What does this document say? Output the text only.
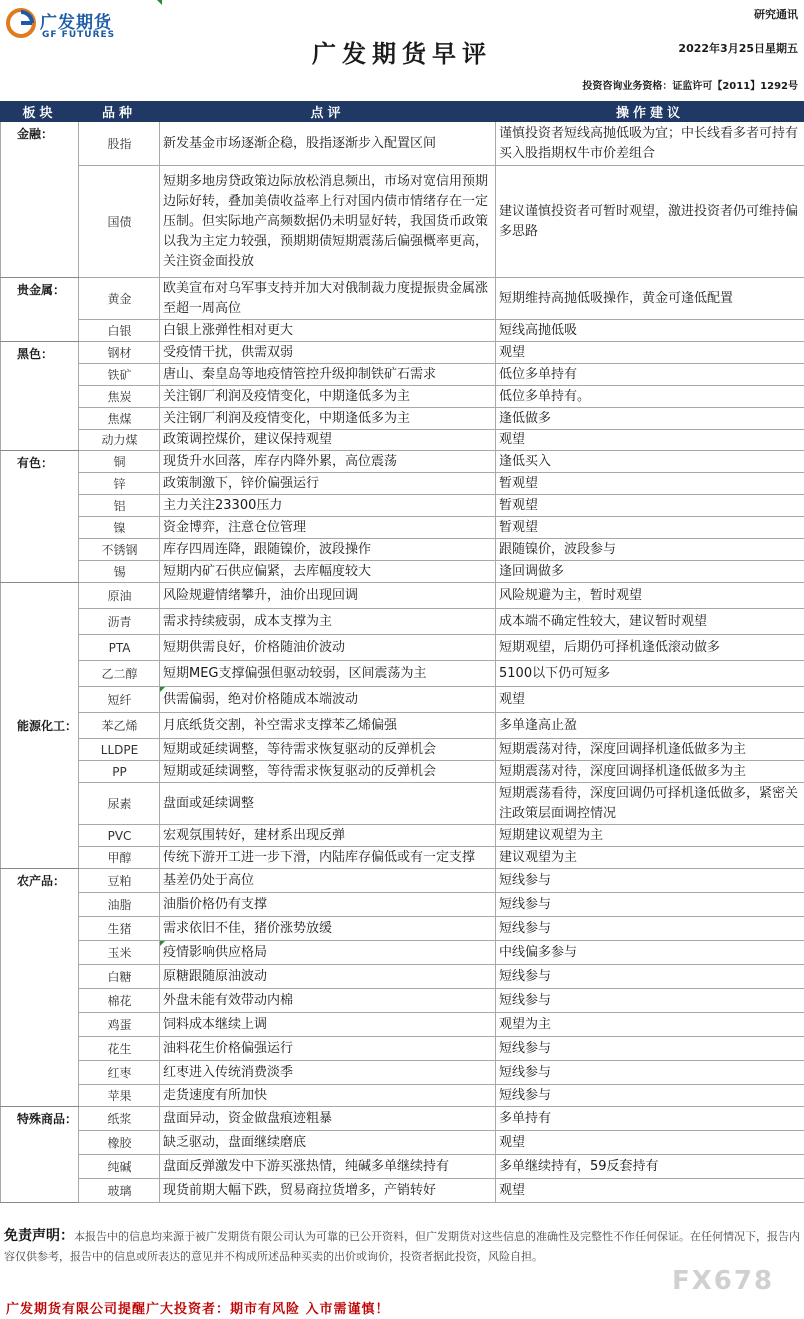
广发期货
GF FUTURES
研究通讯
广发期货早评	2022年3月25日星期五
投资咨询业务资格：证监许可【2011】1292号
板块	品种	点评	操作建议
金融：	股指	新发基金市场逐渐企稳，股指逐渐步入配置区间	谨慎投资者短线高抛低吸为宜；中长线看多者可持有买入股指期权牛市价差组合
	国债	短期多地房贷政策边际放松消息频出，市场对宽信用预期边际好转，叠加美债收益率上行对国内债市情绪存在一定压制。但实际地产高频数据仍未明显好转，我国货币政策以我为主定力较强，预期期债短期震荡后偏强概率更高，关注资金面投放	建议谨慎投资者可暂时观望，激进投资者仍可维持偏多思路
贵金属：	黄金	欧美宣布对乌军事支持并加大对俄制裁力度提振贵金属涨至超一周高位	短期维持高抛低吸操作，黄金可逢低配置
	白银	白银上涨弹性相对更大	短线高抛低吸
黑色：	钢材	受疫情干扰，供需双弱	观望
	铁矿	唐山、秦皇岛等地疫情管控升级抑制铁矿石需求	低位多单持有
	焦炭	关注钢厂利润及疫情变化，中期逢低多为主	低位多单持有。
	焦煤	关注钢厂利润及疫情变化，中期逢低多为主	逢低做多
	动力煤	政策调控煤价，建议保持观望	观望
有色：	铜	现货升水回落，库存内降外累，高位震荡	逢低买入
	锌	政策制激下，锌价偏强运行	暂观望
	铝	主力关注23300压力	暂观望
	镍	资金博弈，注意仓位管理	暂观望
	不锈钢	库存四周连降，跟随镍价，波段操作	跟随镍价，波段参与
	锡	短期内矿石供应偏紧，去库幅度较大	逢回调做多
能源化工：	原油	风险规避情绪攀升，油价出现回调	风险规避为主，暂时观望
	沥青	需求持续疲弱，成本支撑为主	成本端不确定性较大，建议暂时观望
	PTA	短期供需良好，价格随油价波动	短期观望，后期仍可择机逢低滚动做多
	乙二醇	短期MEG支撑偏强但驱动较弱，区间震荡为主	5100以下仍可短多
	短纤	供需偏弱，绝对价格随成本端波动	观望
	苯乙烯	月底纸货交割，补空需求支撑苯乙烯偏强	多单逢高止盈
	LLDPE	短期或延续调整，等待需求恢复驱动的反弹机会	短期震荡对待，深度回调择机逢低做多为主
	PP	短期或延续调整，等待需求恢复驱动的反弹机会	短期震荡对待，深度回调择机逢低做多为主
	尿素	盘面或延续调整	短期震荡看待，深度回调仍可择机逢低做多，紧密关注政策层面调控情况
	PVC	宏观氛围转好，建材系出现反弹	短期建议观望为主
	甲醇	传统下游开工进一步下滑，内陆库存偏低或有一定支撑	建议观望为主
农产品：	豆粕	基差仍处于高位	短线参与
	油脂	油脂价格仍有支撑	短线参与
	生猪	需求依旧不佳，猪价涨势放缓	短线参与
	玉米	疫情影响供应格局	中线偏多参与
	白糖	原糖跟随原油波动	短线参与
	棉花	外盘未能有效带动内棉	短线参与
	鸡蛋	饲料成本继续上调	观望为主
	花生	油料花生价格偏强运行	短线参与
	红枣	红枣进入传统消费淡季	短线参与
	苹果	走货速度有所加快	短线参与
特殊商品：	纸浆	盘面异动，资金做盘痕迹粗暴	多单持有
	橡胶	缺乏驱动，盘面继续磨底	观望
	纯碱	盘面反弹激发中下游买涨热情，纯碱多单继续持有	多单继续持有，59反套持有
	玻璃	现货前期大幅下跌，贸易商拉货增多，产销转好	观望
免责声明：本报告中的信息均来源于被广发期货有限公司认为可靠的已公开资料，但广发期货对这些信息的准确性及完整性不作任何保证。在任何情况下，报告内容仅供参考，报告中的信息或所表达的意见并不构成所述品种买卖的出价或询价，投资者据此投资，风险自担。
FX678
广发期货有限公司提醒广大投资者：期市有风险 入市需谨慎！
